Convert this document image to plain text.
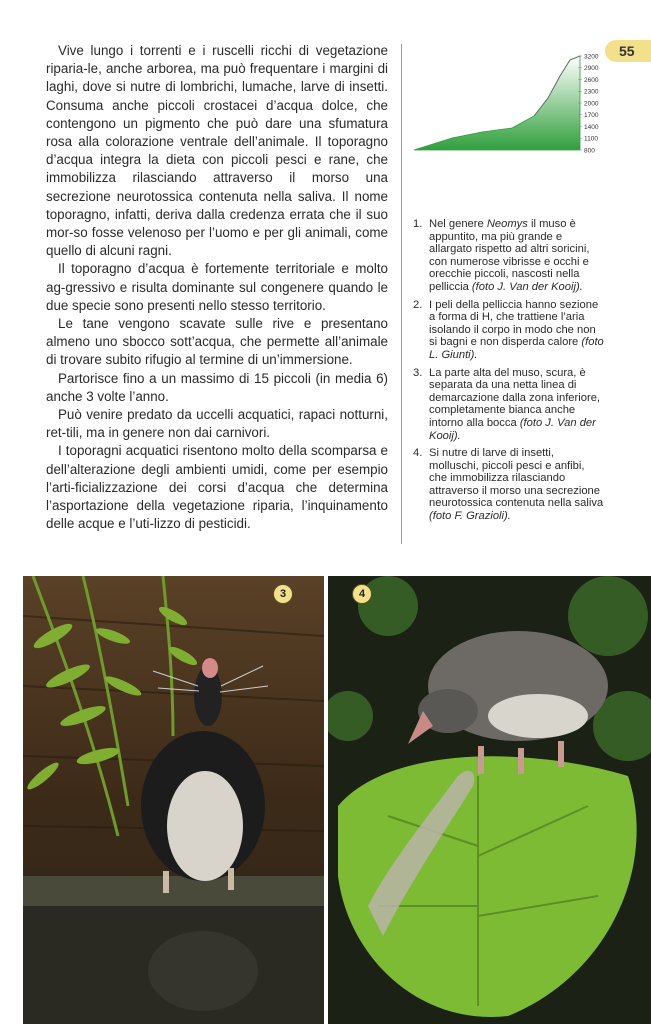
55

Vive lungo i torrenti e i ruscelli ricchi di vegetazione riparia-le, anche arborea, ma può frequentare i margini di laghi, dove si nutre di lombrichi, lumache, larve di insetti. Consuma anche piccoli crostacei d’acqua dolce, che contengono un pigmento che può dare una sfumatura rosa alla colorazione ventrale dell’animale. Il toporagno d’acqua integra la dieta con piccoli pesci e rane, che immobilizza rilasciando attraverso il morso una secrezione neurotossica contenuta nella saliva. Il nome toporagno, infatti, deriva dalla credenza errata che il suo mor-so fosse velenoso per l’uomo e per gli animali, come quello di alcuni ragni.

Il toporagno d’acqua è fortemente territoriale e molto ag-gressivo e risulta dominante sul congenere quando le due specie sono presenti nello stesso territorio.

Le tane vengono scavate sulle rive e presentano almeno uno sbocco sott’acqua, che permette all’animale di trovare subito rifugio al termine di un’immersione.

Partorisce fino a un massimo di 15 piccoli (in media 6) anche 3 volte l’anno.

Può venire predato da uccelli acquatici, rapaci notturni, ret-tili, ma in genere non dai carnivori.

I toporagni acquatici risentono molto della scomparsa e dell’alterazione degli ambienti umidi, come per esempio l’arti-ficializzazione dei corsi d’acqua che determina l’asportazione della vegetazione riparia, l’inquinamento delle acque e l’uti-lizzo di pesticidi.

3200
2900
2600
2300
2000
1700
1400
1100
800
1. Nel genere Neomys il muso è appuntito, ma più grande e allargato rispetto ad altri soricini, con numerose vibrisse e occhi e orecchie piccoli, nascosti nella pelliccia (foto J. Van der Kooij).
2. I peli della pelliccia hanno sezione a forma di H, che trattiene l’aria isolando il corpo in modo che non si bagni e non disperda calore (foto L. Giunti).
3. La parte alta del muso, scura, è separata da una netta linea di demarcazione dalla zona inferiore, completamente bianca anche intorno alla bocca (foto J. Van der Kooij).
4. Si nutre di larve di insetti, molluschi, piccoli pesci e anfibi, che immobilizza rilasciando attraverso il morso una secrezione neurotossica contenuta nella saliva (foto F. Grazioli).
3	4
